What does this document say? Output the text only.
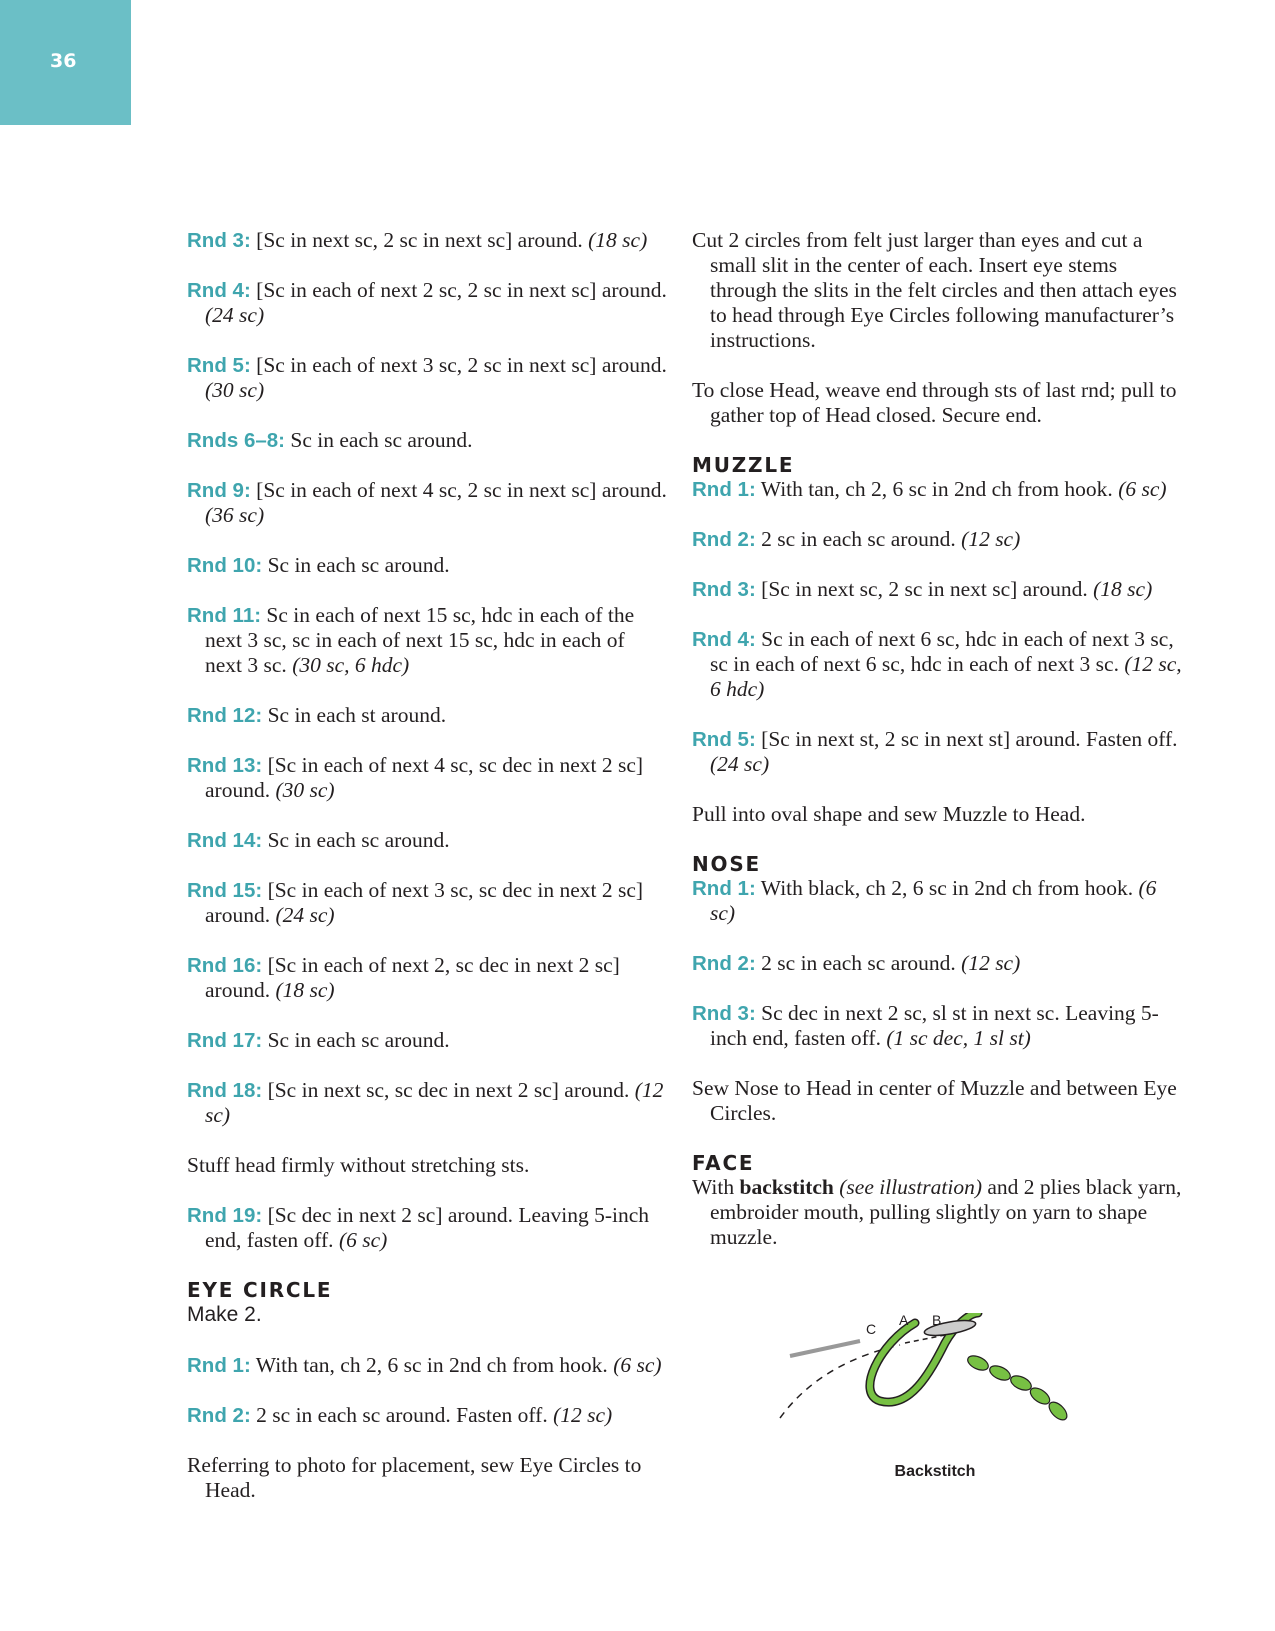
36

Rnd 3: [Sc in next sc, 2 sc in next sc] around. (18 sc)

Rnd 4: [Sc in each of next 2 sc, 2 sc in next sc] around. (24 sc)

Rnd 5: [Sc in each of next 3 sc, 2 sc in next sc] around. (30 sc)

Rnds 6–8: Sc in each sc around.

Rnd 9: [Sc in each of next 4 sc, 2 sc in next sc] around. (36 sc)

Rnd 10: Sc in each sc around.

Rnd 11: Sc in each of next 15 sc, hdc in each of the next 3 sc, sc in each of next 15 sc, hdc in each of next 3 sc. (30 sc, 6 hdc)

Rnd 12: Sc in each st around.

Rnd 13: [Sc in each of next 4 sc, sc dec in next 2 sc] around. (30 sc)

Rnd 14: Sc in each sc around.

Rnd 15: [Sc in each of next 3 sc, sc dec in next 2 sc] around. (24 sc)

Rnd 16: [Sc in each of next 2, sc dec in next 2 sc] around. (18 sc)

Rnd 17: Sc in each sc around.

Rnd 18: [Sc in next sc, sc dec in next 2 sc] around. (12 sc)

Stuff head firmly without stretching sts.

Rnd 19: [Sc dec in next 2 sc] around. Leaving 5-inch end, fasten off. (6 sc)

EYE CIRCLE
Make 2.

Rnd 1: With tan, ch 2, 6 sc in 2nd ch from hook. (6 sc)

Rnd 2: 2 sc in each sc around. Fasten off. (12 sc)

Referring to photo for placement, sew Eye Circles to Head.

Cut 2 circles from felt just larger than eyes and cut a small slit in the center of each. Insert eye stems through the slits in the felt circles and then attach eyes to head through Eye Circles following manufacturer’s instructions.

To close Head, weave end through sts of last rnd; pull to gather top of Head closed. Secure end.

MUZZLE

Rnd 1: With tan, ch 2, 6 sc in 2nd ch from hook. (6 sc)

Rnd 2: 2 sc in each sc around. (12 sc)

Rnd 3: [Sc in next sc, 2 sc in next sc] around. (18 sc)

Rnd 4: Sc in each of next 6 sc, hdc in each of next 3 sc, sc in each of next 6 sc, hdc in each of next 3 sc. (12 sc, 6 hdc)

Rnd 5: [Sc in next st, 2 sc in next st] around. Fasten off. (24 sc)

Pull into oval shape and sew Muzzle to Head.

NOSE

Rnd 1: With black, ch 2, 6 sc in 2nd ch from hook. (6 sc)

Rnd 2: 2 sc in each sc around. (12 sc)

Rnd 3: Sc dec in next 2 sc, sl st in next sc. Leaving 5-inch end, fasten off. (1 sc dec, 1 sl st)

Sew Nose to Head in center of Muzzle and between Eye Circles.

FACE

With backstitch (see illustration) and 2 plies black yarn, embroider mouth, pulling slightly on yarn to shape muzzle.

C
A B
Backstitch
